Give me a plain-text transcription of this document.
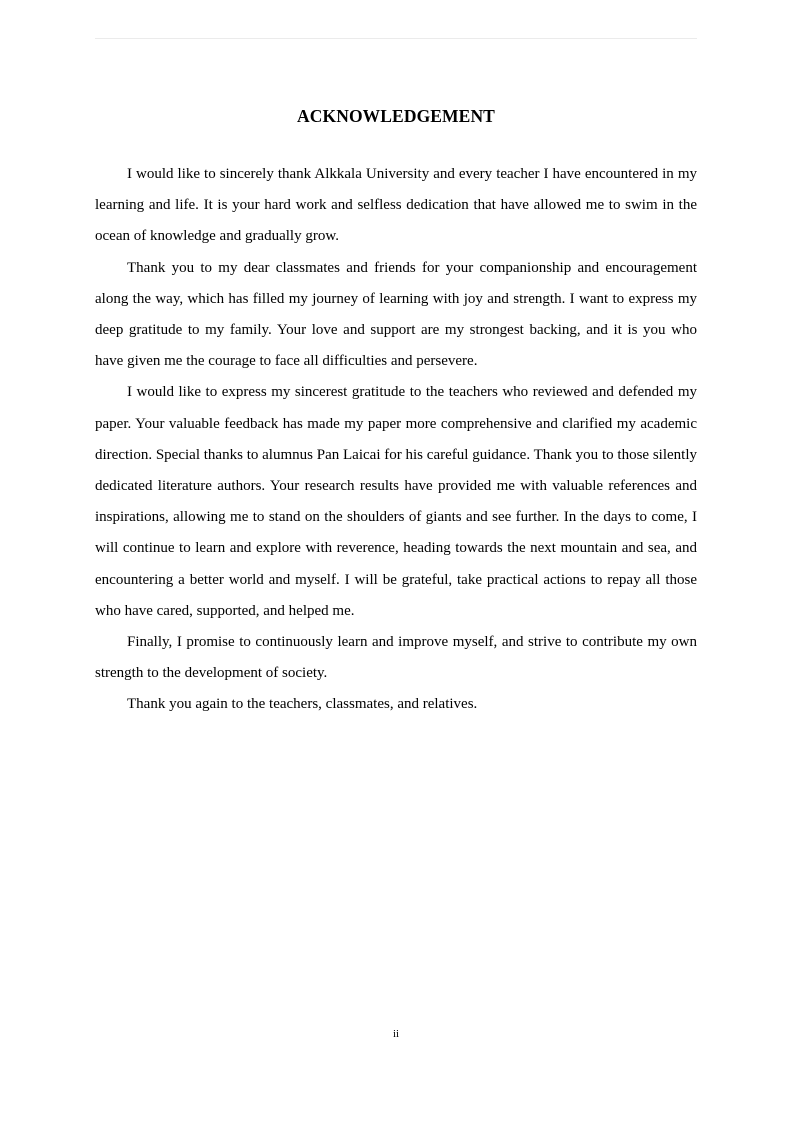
ACKNOWLEDGEMENT

I would like to sincerely thank Alkkala University and every teacher I have encountered in my learning and life. It is your hard work and selfless dedication that have allowed me to swim in the ocean of knowledge and gradually grow.

Thank you to my dear classmates and friends for your companionship and encouragement along the way, which has filled my journey of learning with joy and strength. I want to express my deep gratitude to my family. Your love and support are my strongest backing, and it is you who have given me the courage to face all difficulties and persevere.

I would like to express my sincerest gratitude to the teachers who reviewed and defended my paper. Your valuable feedback has made my paper more comprehensive and clarified my academic direction. Special thanks to alumnus Pan Laicai for his careful guidance. Thank you to those silently dedicated literature authors. Your research results have provided me with valuable references and inspirations, allowing me to stand on the shoulders of giants and see further. In the days to come, I will continue to learn and explore with reverence, heading towards the next mountain and sea, and encountering a better world and myself. I will be grateful, take practical actions to repay all those who have cared, supported, and helped me.

Finally, I promise to continuously learn and improve myself, and strive to contribute my own strength to the development of society.

Thank you again to the teachers, classmates, and relatives.

ii
